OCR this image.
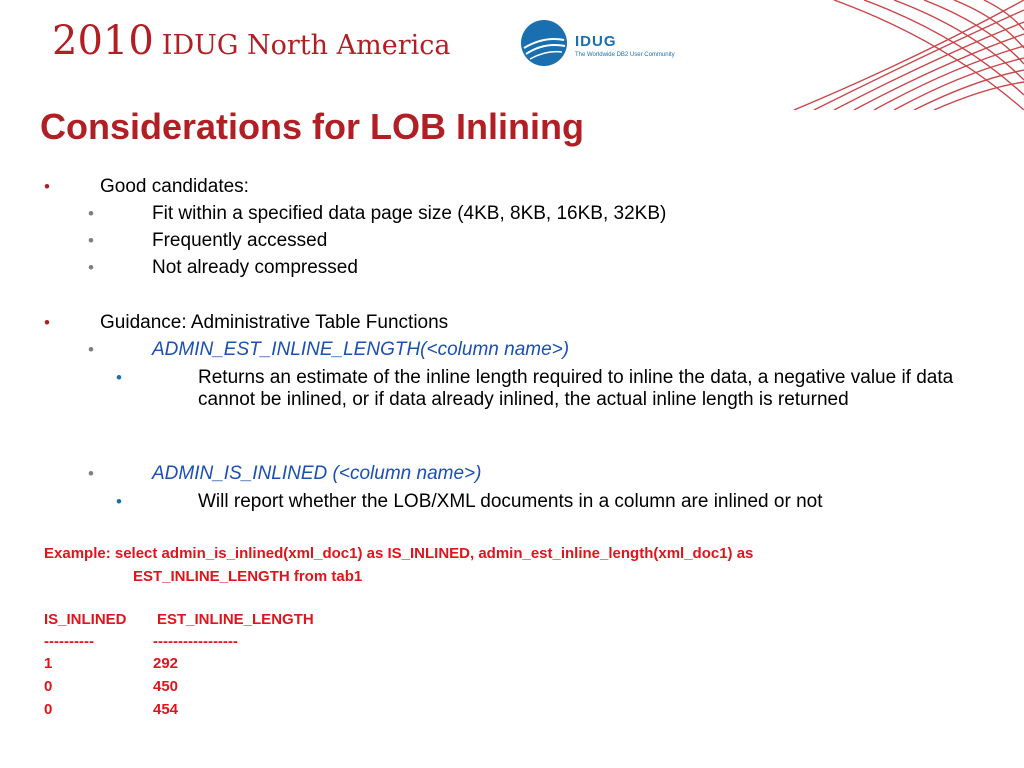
2010 IDUG North America	IDUG
The Worldwide DB2 User Community
Considerations for LOB Inlining
•	Good candidates:
•	Fit within a specified data page size (4KB, 8KB, 16KB, 32KB)
•	Frequently accessed
•	Not already compressed
•	Guidance: Administrative Table Functions
•	ADMIN_EST_INLINE_LENGTH(<column name>)
•	Returns an estimate of the inline length required to inline the data, a negative value if data cannot be inlined, or if data already inlined, the actual inline length is returned
•	ADMIN_IS_INLINED (<column name>)
•	Will report whether the LOB/XML documents in a column are inlined or not
Example: select admin_is_inlined(xml_doc1) as IS_INLINED, admin_est_inline_length(xml_doc1) as
EST_INLINE_LENGTH from tab1
IS_INLINED EST_INLINE_LENGTH
----------	-----------------
1	292
0	450
0	454
